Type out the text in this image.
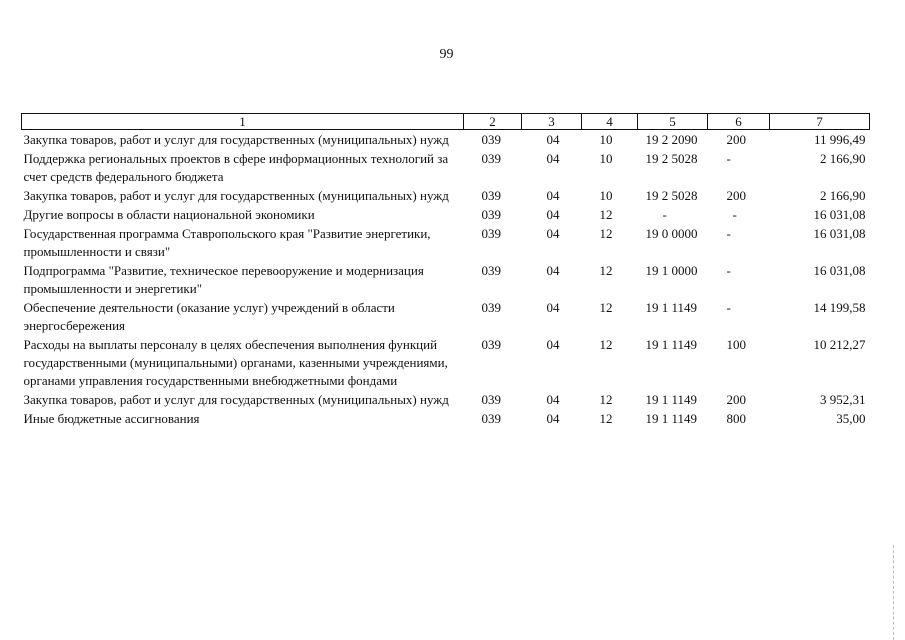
99
1	2	3	4	5	6	7
Закупка товаров, работ и услуг для государственных (муниципальных) нужд	039	04	10	19 2 2090	200	11 996,49
Поддержка региональных проектов в сфере информационных технологий за счет средств федерального бюджета	039	04	10	19 2 5028	-	2 166,90
Закупка товаров, работ и услуг для государственных (муниципальных) нужд	039	04	10	19 2 5028	200	2 166,90
Другие вопросы в области национальной экономики	039	04	12	-	-	16 031,08
Государственная программа Ставропольского края "Развитие энергетики, промышленности и связи"	039	04	12	19 0 0000	-	16 031,08
Подпрограмма "Развитие, техническое перевооружение и модернизация промышленности и энергетики"	039	04	12	19 1 0000	-	16 031,08
Обеспечение деятельности (оказание услуг) учреждений в области энергосбережения	039	04	12	19 1 1149	-	14 199,58
Расходы на выплаты персоналу в целях обеспечения выполнения функций государственными (муниципальными) органами, казенными учреждениями, органами управления государственными внебюджетными фондами	039	04	12	19 1 1149	100	10 212,27
Закупка товаров, работ и услуг для государственных (муниципальных) нужд	039	04	12	19 1 1149	200	3 952,31
Иные бюджетные ассигнования	039	04	12	19 1 1149	800	35,00
